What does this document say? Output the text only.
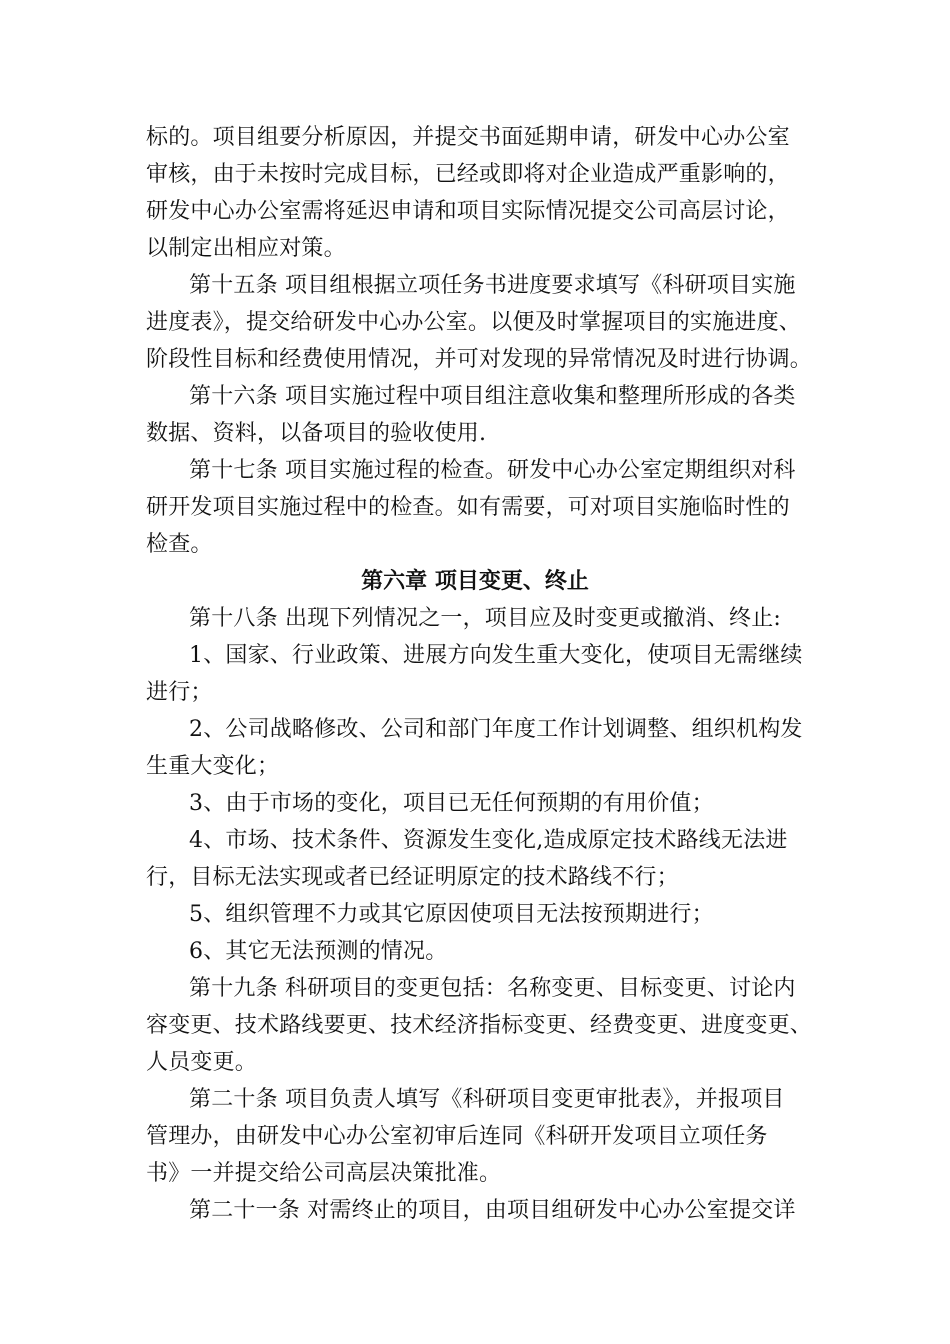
标的。项目组要分析原因，并提交书面延期申请，研发中心办公室
审核，由于未按时完成目标，已经或即将对企业造成严重影响的，
研发中心办公室需将延迟申请和项目实际情况提交公司高层讨论，
以制定出相应对策。
第十五条 项目组根据立项任务书进度要求填写《科研项目实施
进度表》，提交给研发中心办公室。以便及时掌握项目的实施进度、
阶段性目标和经费使用情况，并可对发现的异常情况及时进行协调。
第十六条 项目实施过程中项目组注意收集和整理所形成的各类
数据、资料，以备项目的验收使用.
第十七条 项目实施过程的检查。研发中心办公室定期组织对科
研开发项目实施过程中的检查。如有需要，可对项目实施临时性的
检查。
第六章 项目变更、终止
第十八条 出现下列情况之一，项目应及时变更或撤消、终止:
1、国家、行业政策、进展方向发生重大变化，使项目无需继续
进行；
2、公司战略修改、公司和部门年度工作计划调整、组织机构发
生重大变化；
3、由于市场的变化，项目已无任何预期的有用价值；
4、市场、技术条件、资源发生变化,造成原定技术路线无法进
行，目标无法实现或者已经证明原定的技术路线不行；
5、组织管理不力或其它原因使项目无法按预期进行；
6、其它无法预测的情况。
第十九条 科研项目的变更包括：名称变更、目标变更、讨论内
容变更、技术路线要更、技术经济指标变更、经费变更、进度变更、
人员变更。
第二十条 项目负责人填写《科研项目变更审批表》，并报项目
管理办，由研发中心办公室初审后连同《科研开发项目立项任务
书》一并提交给公司高层决策批准。
第二十一条 对需终止的项目，由项目组研发中心办公室提交详
